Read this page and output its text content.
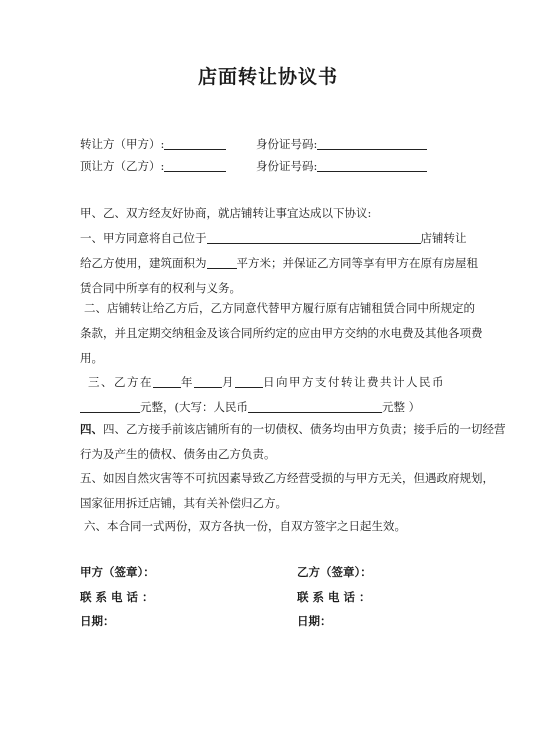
店面转让协议书
转让方（甲方）:	身份证号码:
顶让方（乙方）:	身份证号码:
甲、乙、双方经友好协商，就店铺转让事宜达成以下协议:
一、甲方同意将自己位于	店铺转让
给乙方使用，建筑面积为	平方米；并保证乙方同等享有甲方在原有房屋租
赁合同中所享有的权利与义务。
二、店铺转让给乙方后，乙方同意代替甲方履行原有店铺租赁合同中所规定的
条款，并且定期交纳租金及该合同所约定的应由甲方交纳的水电费及其他各项费
用。
三、乙方在 年 月 日向甲方支付转让费共计人民币
元整，(大写：人民币	元整 ）
四、四、乙方接手前该店铺所有的一切债权、债务均由甲方负责；接手后的一切经营
行为及产生的债权、债务由乙方负责。
五、如因自然灾害等不可抗因素导致乙方经营受损的与甲方无关，但遇政府规划，
国家征用拆迁店铺，其有关补偿归乙方。
六、本合同一式两份，双方各执一份，自双方签字之日起生效。
甲方（签章）：	乙方（签章）：
联 系 电 话 ：	联 系 电 话 ：
日期：	日期：
